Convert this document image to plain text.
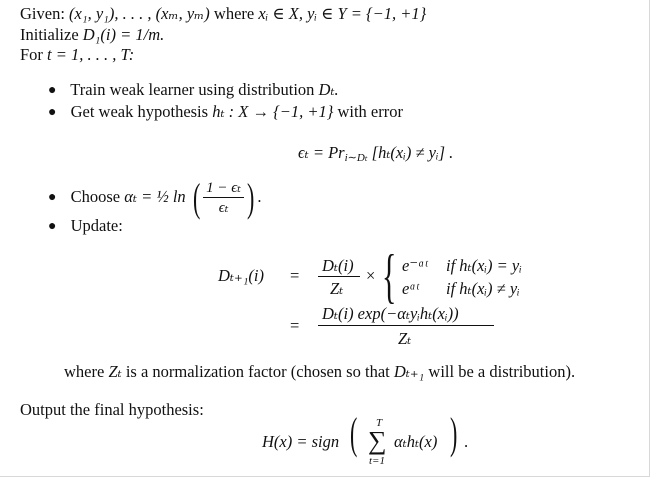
Given: (x₁, y₁), . . . , (xₘ, yₘ) where xᵢ ∈ X, yᵢ ∈ Y = {−1, +1}
Initialize D₁(i) = 1/m.
For t = 1, . . . , T:
● Train weak learner using distribution Dₜ.
● Get weak hypothesis hₜ : X → {−1, +1} with error
$\epsilon_t = Pr_{i\sim D_t}$ [hₜ(xᵢ) ≠ yᵢ] .
● Choose αₜ = ½ ln ( $\frac{\text{1 − ϵₜ}}{\text{ϵₜ}}$ ) .
● Update:
Dₜ₊₁(i) =
Dₜ(i)
Zₜ
× { e⁻ᵅᵗ if hₜ(xᵢ) = yᵢ
eᵅᵗ if hₜ(xᵢ) ≠ yᵢ
=
Dₜ(i) exp(−αₜyᵢhₜ(xᵢ))
Zₜ
where Zₜ is a normalization factor (chosen so that Dₜ₊₁ will be a distribution).
Output the final hypothesis:
H(x) = sign ( T
∑
t=1
αₜhₜ(x) ) .
